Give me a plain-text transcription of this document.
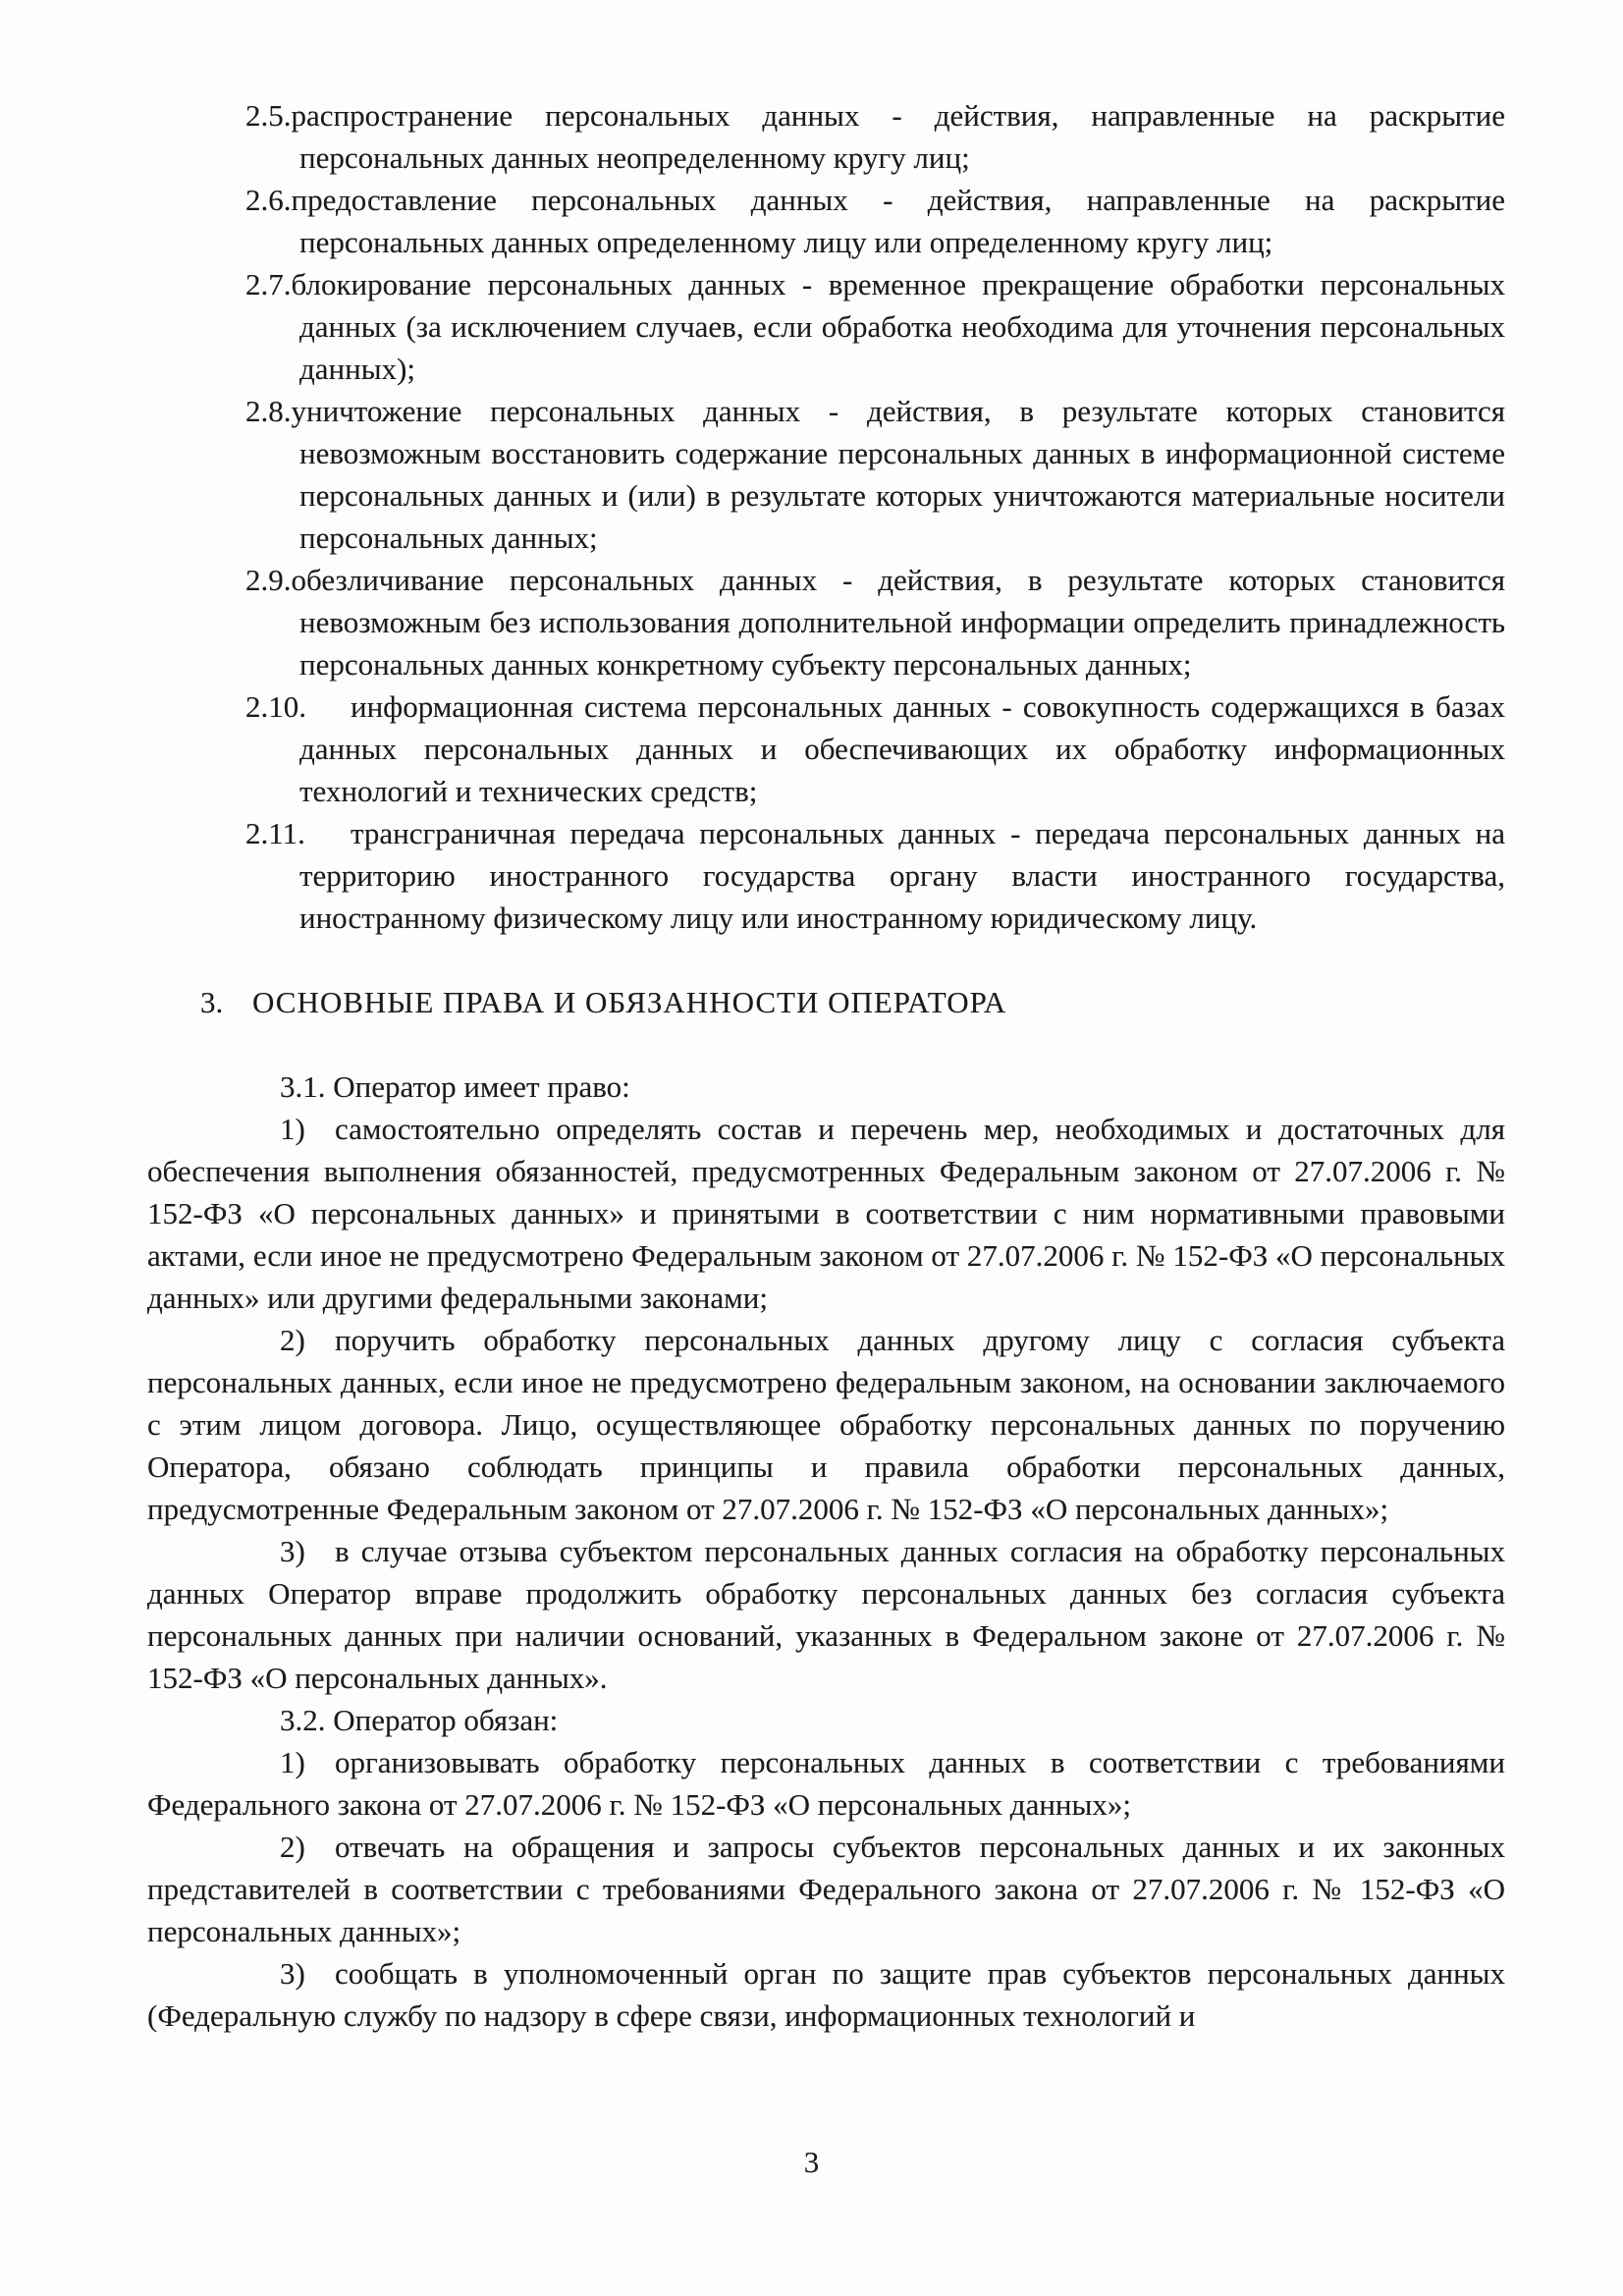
2.5.распространение персональных данных - действия, направленные на раскрытие персональных данных неопределенному кругу лиц;

2.6.предоставление персональных данных - действия, направленные на раскрытие персональных данных определенному лицу или определенному кругу лиц;

2.7.блокирование персональных данных - временное прекращение обработки персональных данных (за исключением случаев, если обработка необходима для уточнения персональных данных);

2.8.уничтожение персональных данных - действия, в результате которых становится невозможным восстановить содержание персональных данных в информационной системе персональных данных и (или) в результате которых уничтожаются материальные носители персональных данных;

2.9.обезличивание персональных данных - действия, в результате которых становится невозможным без использования дополнительной информации определить принадлежность персональных данных конкретному субъекту персональных данных;

2.10. информационная система персональных данных - совокупность содержащихся в базах данных персональных данных и обеспечивающих их обработку информационных технологий и технических средств;

2.11. трансграничная передача персональных данных - передача персональных данных на территорию иностранного государства органу власти иностранного государства, иностранному физическому лицу или иностранному юридическому лицу.

3. ОСНОВНЫЕ ПРАВА И ОБЯЗАННОСТИ ОПЕРАТОРА

3.1. Оператор имеет право:

1) самостоятельно определять состав и перечень мер, необходимых и достаточных для обеспечения выполнения обязанностей, предусмотренных Федеральным законом от 27.07.2006 г. № 152-ФЗ «О персональных данных» и принятыми в соответствии с ним нормативными правовыми актами, если иное не предусмотрено Федеральным законом от 27.07.2006 г. № 152-ФЗ «О персональных данных» или другими федеральными законами;

2) поручить обработку персональных данных другому лицу с согласия субъекта персональных данных, если иное не предусмотрено федеральным законом, на основании заключаемого с этим лицом договора. Лицо, осуществляющее обработку персональных данных по поручению Оператора, обязано соблюдать принципы и правила обработки персональных данных, предусмотренные Федеральным законом от 27.07.2006 г. № 152-ФЗ «О персональных данных»;

3) в случае отзыва субъектом персональных данных согласия на обработку персональных данных Оператор вправе продолжить обработку персональных данных без согласия субъекта персональных данных при наличии оснований, указанных в Федеральном законе от 27.07.2006 г. № 152-ФЗ «О персональных данных».

3.2. Оператор обязан:

1) организовывать обработку персональных данных в соответствии с требованиями Федерального закона от 27.07.2006 г. № 152-ФЗ «О персональных данных»;

2) отвечать на обращения и запросы субъектов персональных данных и их законных представителей в соответствии с требованиями Федерального закона от 27.07.2006 г. № 152-ФЗ «О персональных данных»;

3) сообщать в уполномоченный орган по защите прав субъектов персональных данных (Федеральную службу по надзору в сфере связи, информационных технологий и

3
